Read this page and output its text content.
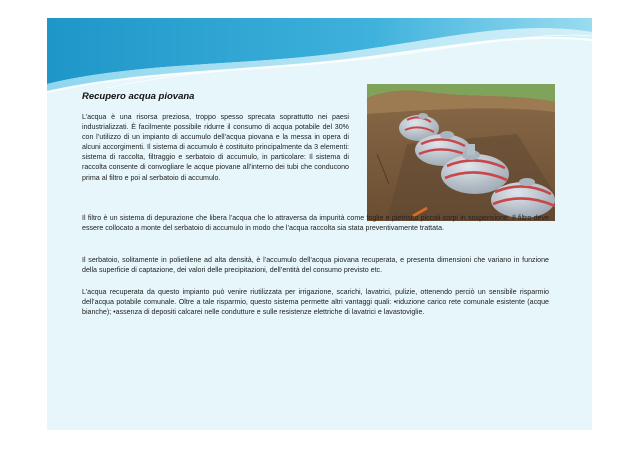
Recupero acqua piovana

L’acqua è una risorsa preziosa, troppo spesso sprecata soprattutto nei paesi industrializzati. È facilmente possibile ridurre il consumo di acqua potabile del 30% con l’utilizzo di un impianto di accumulo dell’acqua piovana e la messa in opera di alcuni accorgimenti. Il sistema di accumulo è costituito principalmente da 3 elementi: sistema di raccolta, filtraggio e serbatoio di accumulo, in particolare: Il sistema di raccolta consente di convogliare le acque piovane all’interno dei tubi che conducono prima al filtro e poi al serbatoio di accumulo.

Il filtro è un sistema di depurazione che libera l’acqua che lo attraversa da impurità come foglie e pietrisco piccoli corpi in sospensione. Il filtro deve essere collocato a monte del serbatoio di accumulo in modo che l’acqua raccolta sia stata preventivamente trattata.

Il serbatoio, solitamente in polietilene ad alta densità, è l’accumulo dell’acqua piovana recuperata, e presenta dimensioni che variano in funzione della superficie di captazione, dei valori delle precipitazioni, dell’entità del consumo previsto etc.

L’acqua recuperata da questo impianto può venire riutilizzata per irrigazione, scarichi, lavatrici, pulizie, ottenendo perciò un sensibile risparmio dell’acqua potabile comunale. Oltre a tale risparmio, questo sistema permette altri vantaggi quali: •riduzione carico rete comunale esistente (acque bianche); •assenza di depositi calcarei nelle condutture e sulle resistenze elettriche di lavatrici e lavastoviglie.
